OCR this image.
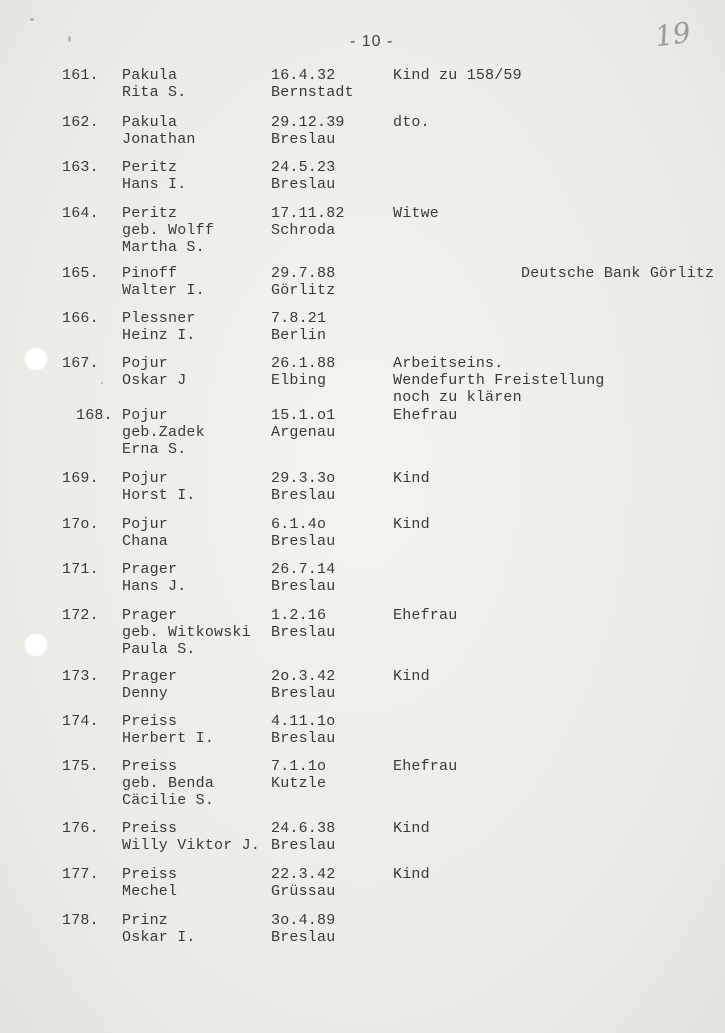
- 10 -	19
161. Pakula
Rita S.
16.4.32
Bernstadt
Kind zu 158/59
162. Pakula
Jonathan
29.12.39
Breslau
dto.
163. Peritz
Hans I.
24.5.23
Breslau
164. Peritz
geb. Wolff
Martha S.
17.11.82
Schroda
Witwe
165. Pinoff
Walter I.
29.7.88
Görlitz
Deutsche Bank Görlitz
166. Plessner
Heinz I.
7.8.21
Berlin
167. Pojur
Oskar J
26.1.88
Elbing
Arbeitseins.
Wendefurth Freistellung
noch zu klären
168. Pojur
geb.Zadek
Erna S.
15.1.o1
Argenau
Ehefrau
169. Pojur
Horst I.
29.3.3o
Breslau
Kind
17o. Pojur
Chana
6.1.4o
Breslau
Kind
171. Prager
Hans J.
26.7.14
Breslau
172. Prager
geb. Witkowski
Paula S.
1.2.16
Breslau
Ehefrau
173. Prager
Denny
2o.3.42
Breslau
Kind
174. Preiss
Herbert I.
4.11.1o
Breslau
175. Preiss
geb. Benda
Cäcilie S.
7.1.1o
Kutzle
Ehefrau
176. Preiss
Willy Viktor J.
24.6.38
Breslau
Kind
177. Preiss
Mechel
22.3.42
Grüssau
Kind
178. Prinz
Oskar I.
3o.4.89
Breslau
